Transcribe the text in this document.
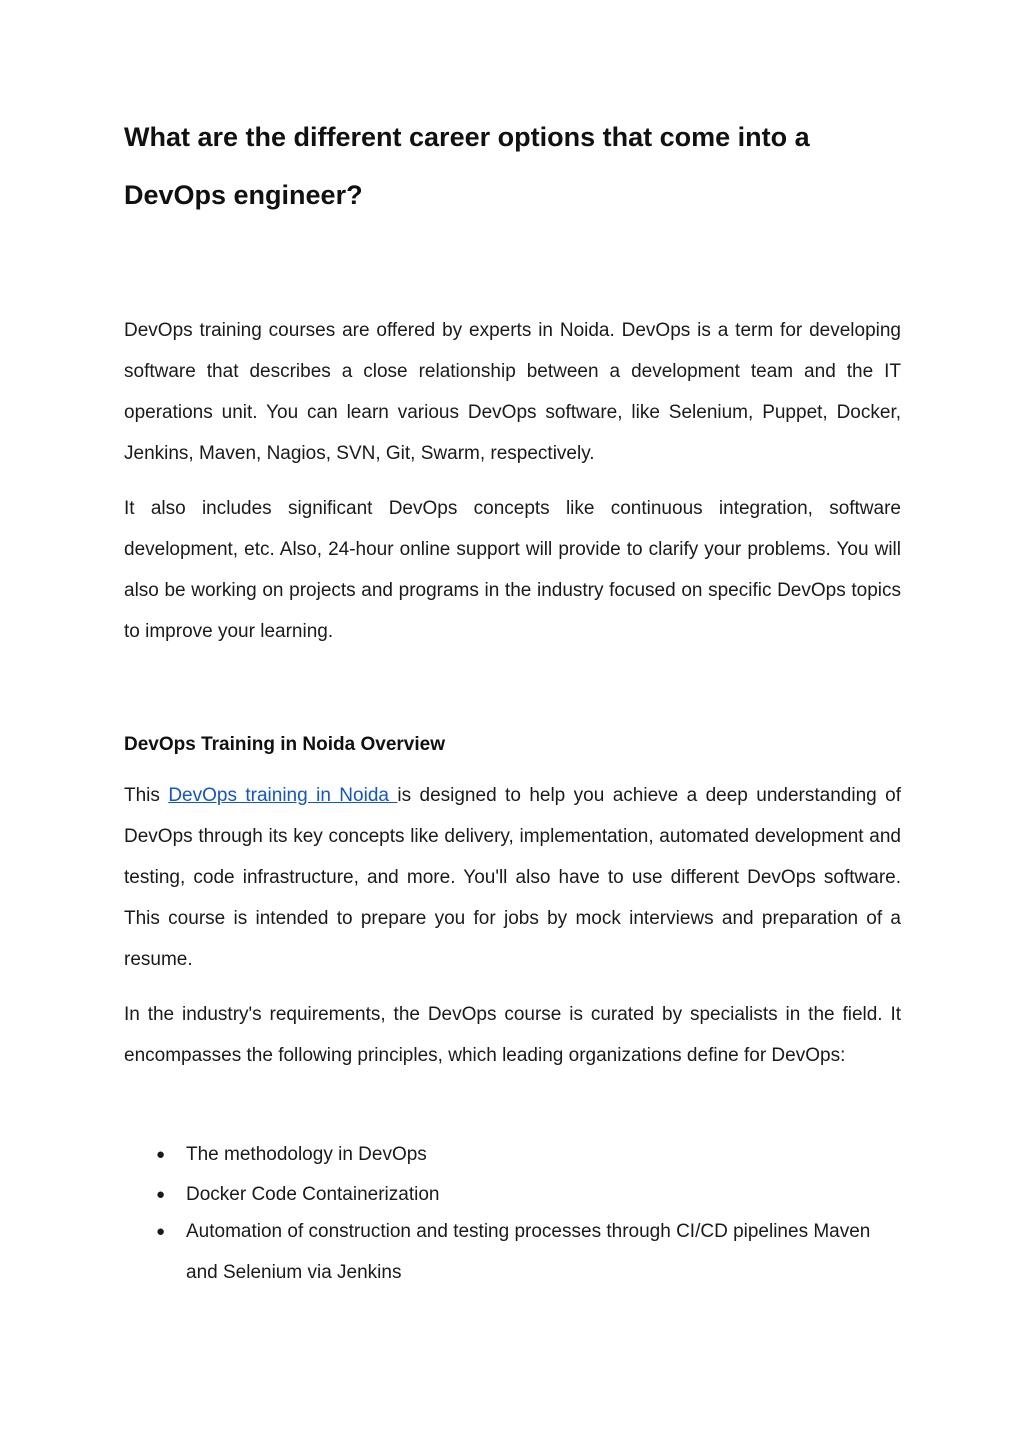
What are the different career options that come into a
DevOps engineer?

DevOps training courses are offered by experts in Noida. DevOps is a term for developing software that describes a close relationship between a development team and the IT operations unit. You can learn various DevOps software, like Selenium, Puppet, Docker, Jenkins, Maven, Nagios, SVN, Git, Swarm, respectively.

It also includes significant DevOps concepts like continuous integration, software development, etc. Also, 24-hour online support will provide to clarify your problems. You will also be working on projects and programs in the industry focused on specific DevOps topics to improve your learning.

DevOps Training in Noida Overview

This DevOps training in Noida is designed to help you achieve a deep understanding of DevOps through its key concepts like delivery, implementation, automated development and testing, code infrastructure, and more. You'll also have to use different DevOps software. This course is intended to prepare you for jobs by mock interviews and preparation of a resume.

In the industry's requirements, the DevOps course is curated by specialists in the field. It encompasses the following principles, which leading organizations define for DevOps:

● The methodology in DevOps
● Docker Code Containerization
● Automation of construction and testing processes through CI/CD pipelines Maven and Selenium via Jenkins
